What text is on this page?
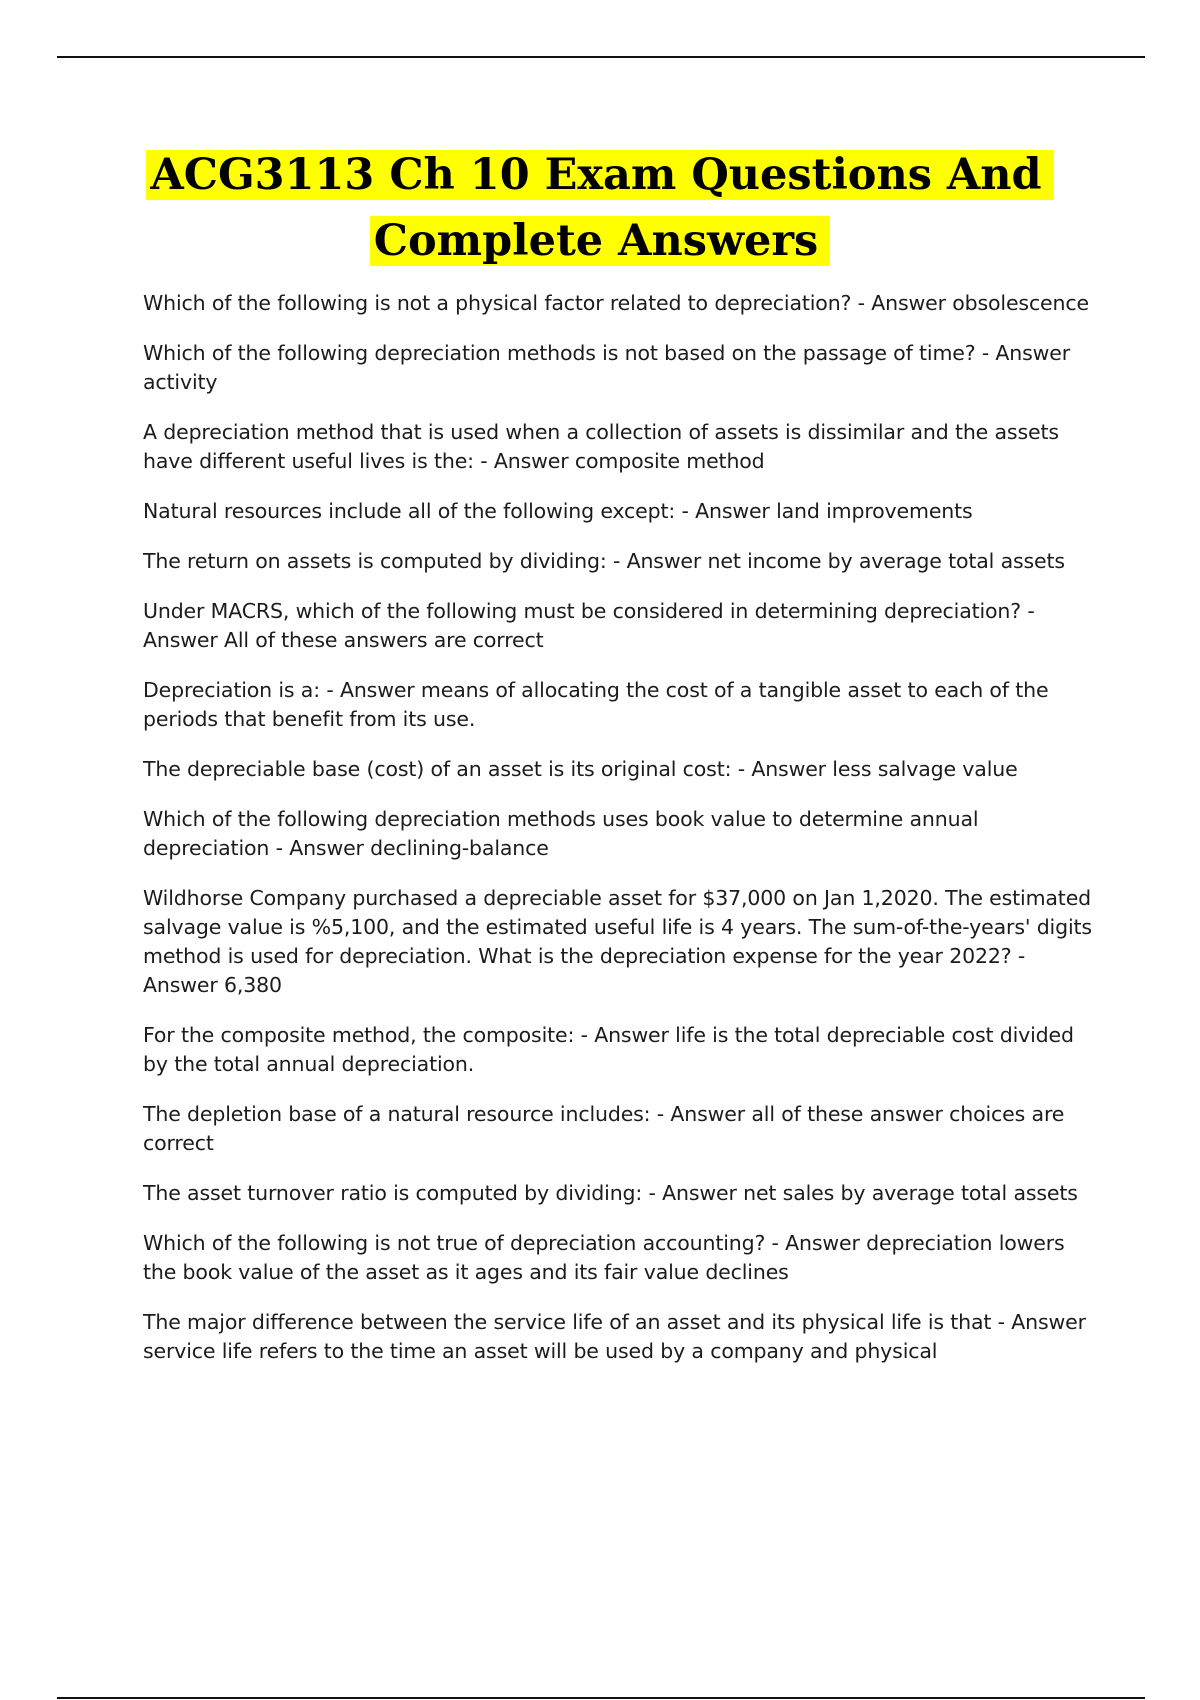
ACG3113 Ch 10 Exam Questions And
Complete Answers

Which of the following is not a physical factor related to depreciation? - Answer obsolescence

Which of the following depreciation methods is not based on the passage of time? - Answer activity

A depreciation method that is used when a collection of assets is dissimilar and the assets have different useful lives is the: - Answer composite method

Natural resources include all of the following except: - Answer land improvements

The return on assets is computed by dividing: - Answer net income by average total assets

Under MACRS, which of the following must be considered in determining depreciation? - Answer All of these answers are correct

Depreciation is a: - Answer means of allocating the cost of a tangible asset to each of the periods that benefit from its use.

The depreciable base (cost) of an asset is its original cost: - Answer less salvage value

Which of the following depreciation methods uses book value to determine annual depreciation - Answer declining-balance

Wildhorse Company purchased a depreciable asset for $37,000 on Jan 1,2020. The estimated salvage value is %5,100, and the estimated useful life is 4 years. The sum-of-the-years' digits method is used for depreciation. What is the depreciation expense for the year 2022? - Answer 6,380

For the composite method, the composite: - Answer life is the total depreciable cost divided by the total annual depreciation.

The depletion base of a natural resource includes: - Answer all of these answer choices are correct

The asset turnover ratio is computed by dividing: - Answer net sales by average total assets

Which of the following is not true of depreciation accounting? - Answer depreciation lowers the book value of the asset as it ages and its fair value declines

The major difference between the service life of an asset and its physical life is that - Answer service life refers to the time an asset will be used by a company and physical
